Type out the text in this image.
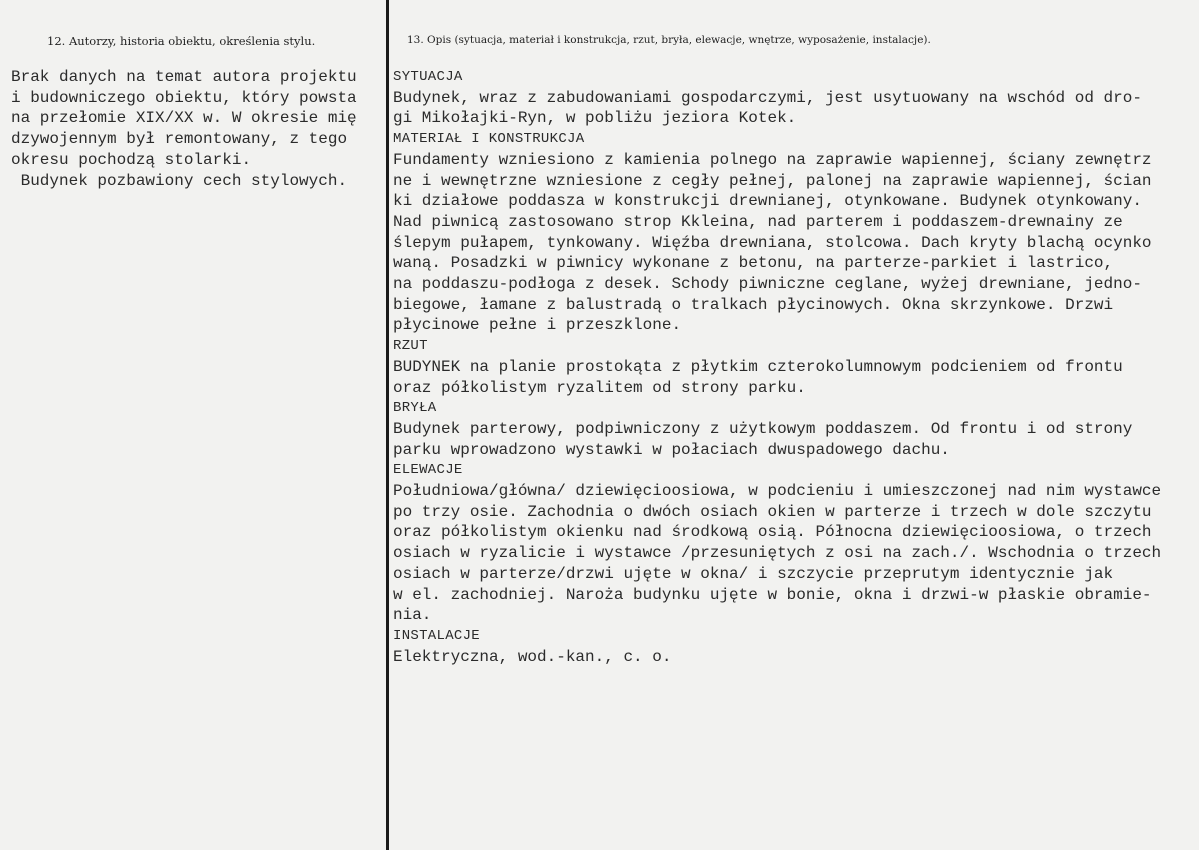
12. Autorzy, historia obiektu, określenia stylu.	13. Opis (sytuacja, materiał i konstrukcja, rzut, bryła, elewacje, wnętrze, wyposażenie, instalacje).
Brak danych na temat autora projektu
i budowniczego obiektu, który powsta
na przełomie XIX/XX w. W okresie mię
dzywojennym był remontowany, z tego
okresu pochodzą stolarki.
Budynek pozbawiony cech stylowych.
SYTUACJA
Budynek, wraz z zabudowaniami gospodarczymi, jest usytuowany na wschód od dro-
gi Mikołajki-Ryn, w pobliżu jeziora Kotek.
MATERIAŁ I KONSTRUKCJA
Fundamenty wzniesiono z kamienia polnego na zaprawie wapiennej, ściany zewnętrz
ne i wewnętrzne wzniesione z cegły pełnej, palonej na zaprawie wapiennej, ścian
ki działowe poddasza w konstrukcji drewnianej, otynkowane. Budynek otynkowany.
Nad piwnicą zastosowano strop Kkleina, nad parterem i poddaszem-drewnainy ze
ślepym pułapem, tynkowany. Więźba drewniana, stolcowa. Dach kryty blachą ocynko
waną. Posadzki w piwnicy wykonane z betonu, na parterze-parkiet i lastrico,
na poddaszu-podłoga z desek. Schody piwniczne ceglane, wyżej drewniane, jedno-
biegowe, łamane z balustradą o tralkach płycinowych. Okna skrzynkowe. Drzwi
płycinowe pełne i przeszklone.
RZUT
BUDYNEK na planie prostokąta z płytkim czterokolumnowym podcieniem od frontu
oraz półkolistym ryzalitem od strony parku.
BRYŁA
Budynek parterowy, podpiwniczony z użytkowym poddaszem. Od frontu i od strony
parku wprowadzono wystawki w połaciach dwuspadowego dachu.
ELEWACJE
Południowa/główna/ dziewięcioosiowa, w podcieniu i umieszczonej nad nim wystawce
po trzy osie. Zachodnia o dwóch osiach okien w parterze i trzech w dole szczytu
oraz półkolistym okienku nad środkową osią. Północna dziewięcioosiowa, o trzech
osiach w ryzalicie i wystawce /przesuniętych z osi na zach./. Wschodnia o trzech
osiach w parterze/drzwi ujęte w okna/ i szczycie przeprutym identycznie jak
w el. zachodniej. Naroża budynku ujęte w bonie, okna i drzwi-w płaskie obramie-
nia.
INSTALACJE
Elektryczna, wod.-kan., c. o.
